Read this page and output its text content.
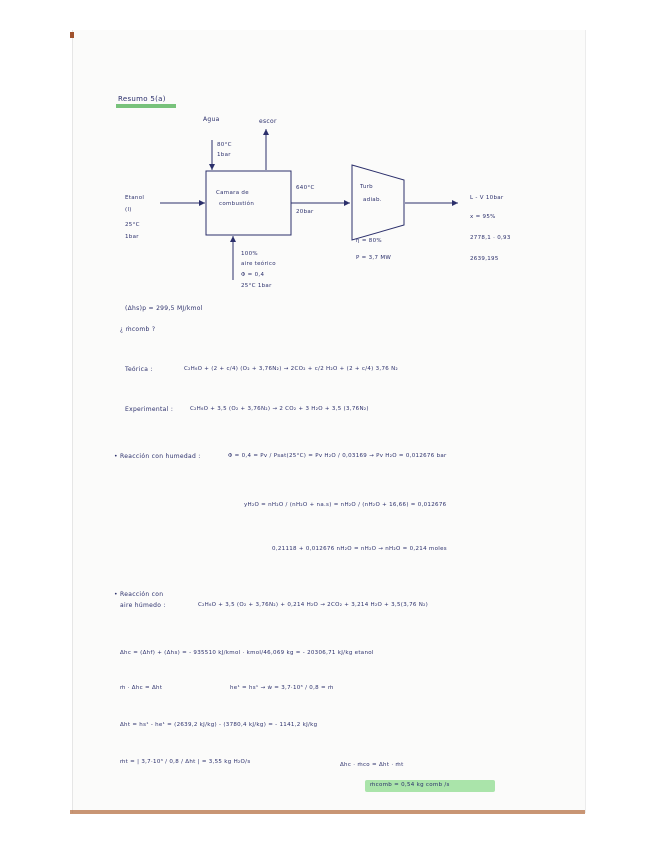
Resumo 5(a)
Agua	escor
80°C
1bar
Camara de
combustión
Etanol
(l)
25°C
1bar
640°C
20bar
Turb
adiab.
η = 80%
P = 3,7 MW
100%
aire teórico
Φ = 0,4
25°C 1bar
L - V 10bar
x = 95%
2778,1 · 0,93
2639,195
(Δhs)p = 299,5 MJ/kmol
¿ ṁcomb ?
Teórica :	C₂H₆O + (2 + c/4) (O₂ + 3,76N₂) → 2CO₂ + c/2 H₂O + (2 + c/4) 3,76 N₂
Experimental :	C₂H₆O + 3,5 (O₂ + 3,76N₂) → 2 CO₂ + 3 H₂O + 3,5 (3,76N₂)
• Reacción con humedad :	Φ = 0,4 = Pv / Psat(25°C) = Pv H₂O / 0,03169 → Pv H₂O = 0,012676 bar
yH₂O = nH₂O / (nH₂O + na.s) = nH₂O / (nH₂O + 16,66) = 0,012676
0,21118 + 0,012676 nH₂O = nH₂O → nH₂O = 0,214 moles
• Reacción con
aire húmedo :	C₂H₆O + 3,5 (O₂ + 3,76N₂) + 0,214 H₂O → 2CO₂ + 3,214 H₂O + 3,5(3,76 N₂)
Δhc = (Δhf) + (Δhs) = - 935510 kJ/kmol · kmol/46,069 kg = - 20306,71 kJ/kg etanol
ṁ · Δhc = Δht	he¹ = hs¹ → ẇ = 3,7·10³ / 0,8 = ṁ
Δht = hs¹ - he¹ = (2639,2 kJ/kg) - (3780,4 kJ/kg) = - 1141,2 kJ/kg
ṁt = | 3,7·10³ / 0,8 / Δht | = 3,55 kg H₂O/s	Δhc · ṁco = Δht · ṁt
ṁcomb = 0,54 kg comb /s
